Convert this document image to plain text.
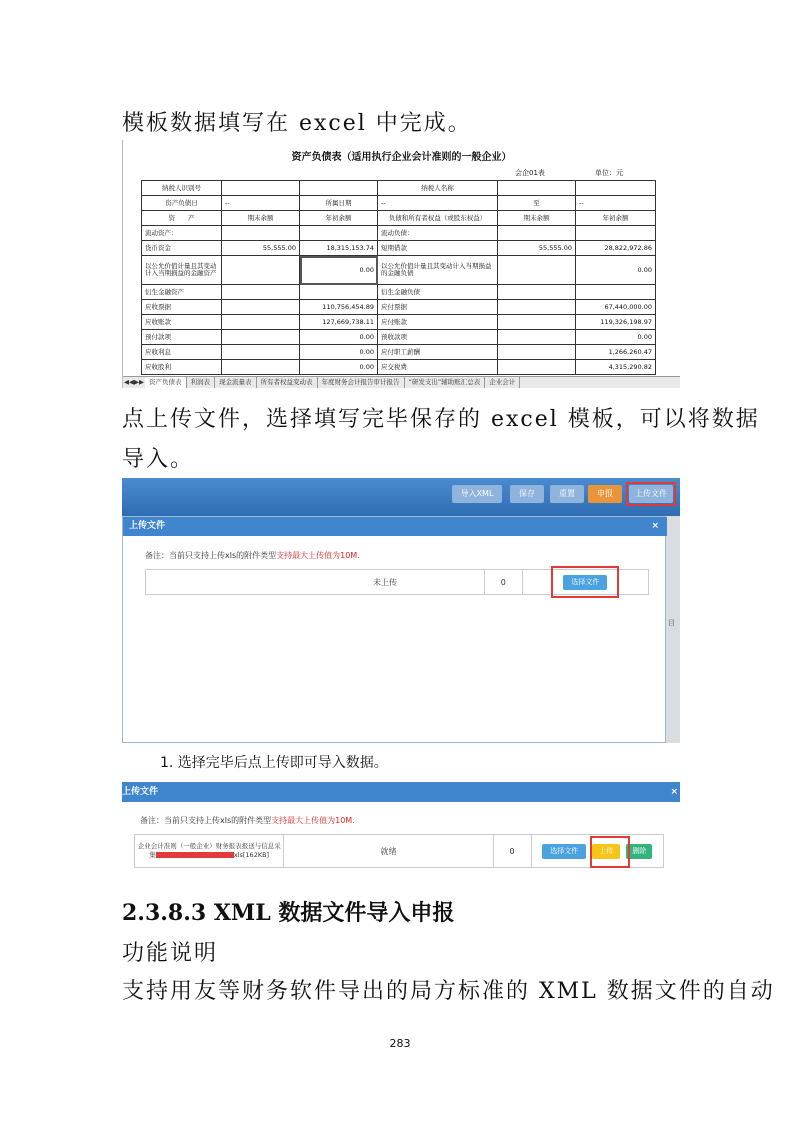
模板数据填写在 excel 中完成。
资产负债表（适用执行企业会计准则的一般企业）
会企01表	单位：元
纳税人识别号			纳税人名称		
资产负债日	--	所属日期	--	至	--
资　　产	期末余额	年初余额	负债和所有者权益（或股东权益）	期末余额	年初余额
流动资产：			流动负债：		
货币资金	55,555.00	18,315,153.74	短期借款	55,555.00	28,822,972.86
以公允价值计量且其变动计入当期损益的金融资产		0.00	以公允价值计量且其变动计入当期损益的金融负债		0.00
衍生金融资产			衍生金融负债		
应收票据		110,756,454.89	应付票据		67,440,000.00
应收账款		127,669,738.11	应付账款		119,326,198.97
预付款项		0.00	预收款项		0.00
应收利息		0.00	应付职工薪酬		1,266,260.47
应收股利		0.00	应交税费		4,315,290.82
◀◀▶▶ 资产负债表 利润表 现金流量表 所有者权益变动表 年度财务会计报告审计报告 “研发支出”辅助账汇总表 企业会计
点上传文件，选择填写完毕保存的 excel 模板，可以将数据
导入。
导入XML	保存	重置	申报	上传文件
上传文件	×
备注：当前只支持上传xls的附件类型支持最大上传值为10M.
未上传	0	选择文件
目
1. 选择完毕后点上传即可导入数据。
上传文件	×
备注：当前只支持上传xls的附件类型支持最大上传值为10M.
企业会计准则（一般企业）财务报表报送与信息采
集	xls[162KB]	就绪	0	选择文件	上传	删除
2.3.8.3 XML 数据文件导入申报
功能说明
支持用友等财务软件导出的局方标准的 XML 数据文件的自动
283
